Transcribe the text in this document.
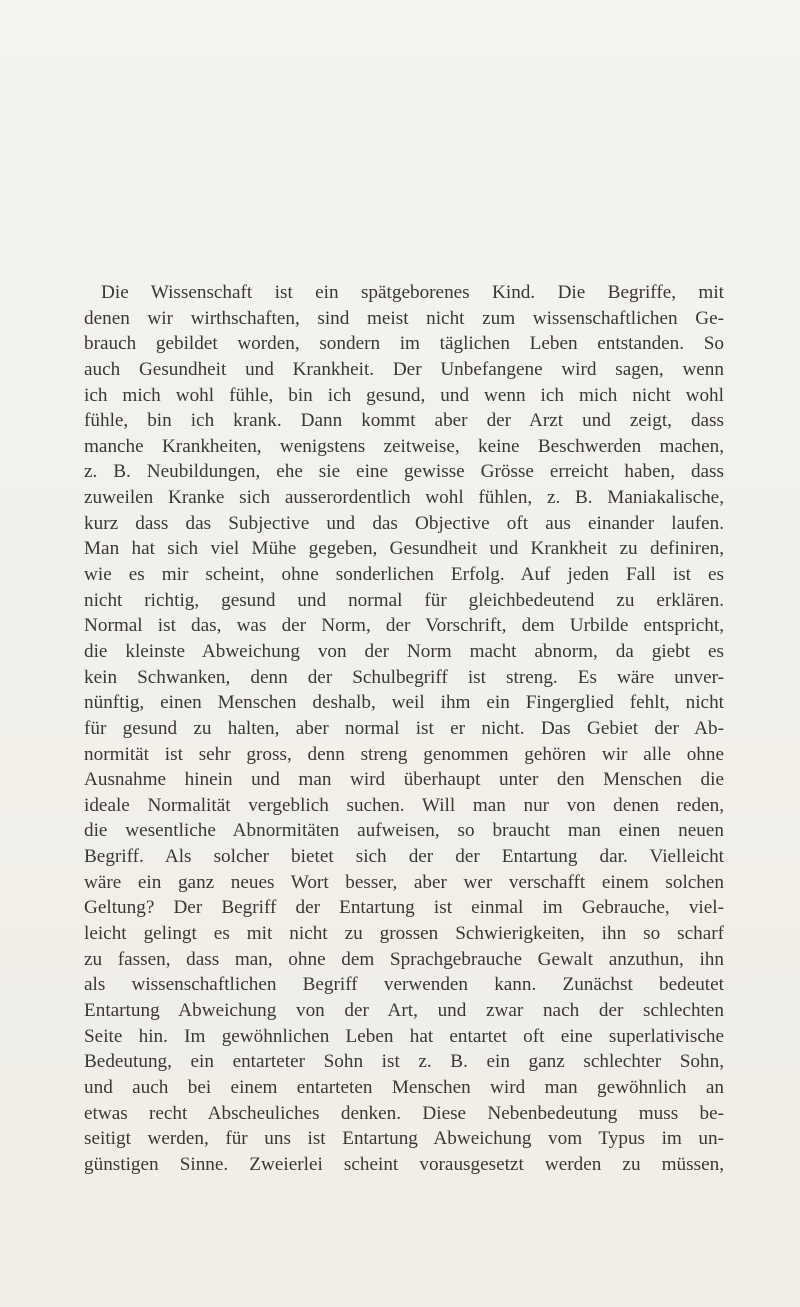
Die Wissenschaft ist ein spätgeborenes Kind. Die Begriffe, mit
denen wir wirthschaften, sind meist nicht zum wissenschaftlichen Ge-
brauch gebildet worden, sondern im täglichen Leben entstanden. So
auch Gesundheit und Krankheit. Der Unbefangene wird sagen, wenn
ich mich wohl fühle, bin ich gesund, und wenn ich mich nicht wohl
fühle, bin ich krank. Dann kommt aber der Arzt und zeigt, dass
manche Krankheiten, wenigstens zeitweise, keine Beschwerden machen,
z. B. Neubildungen, ehe sie eine gewisse Grösse erreicht haben, dass
zuweilen Kranke sich ausserordentlich wohl fühlen, z. B. Maniakalische,
kurz dass das Subjective und das Objective oft aus einander laufen.
Man hat sich viel Mühe gegeben, Gesundheit und Krankheit zu definiren,
wie es mir scheint, ohne sonderlichen Erfolg. Auf jeden Fall ist es
nicht richtig, gesund und normal für gleichbedeutend zu erklären.
Normal ist das, was der Norm, der Vorschrift, dem Urbilde entspricht,
die kleinste Abweichung von der Norm macht abnorm, da giebt es
kein Schwanken, denn der Schulbegriff ist streng. Es wäre unver-
nünftig, einen Menschen deshalb, weil ihm ein Fingerglied fehlt, nicht
für gesund zu halten, aber normal ist er nicht. Das Gebiet der Ab-
normität ist sehr gross, denn streng genommen gehören wir alle ohne
Ausnahme hinein und man wird überhaupt unter den Menschen die
ideale Normalität vergeblich suchen. Will man nur von denen reden,
die wesentliche Abnormitäten aufweisen, so braucht man einen neuen
Begriff. Als solcher bietet sich der der Entartung dar. Vielleicht
wäre ein ganz neues Wort besser, aber wer verschafft einem solchen
Geltung? Der Begriff der Entartung ist einmal im Gebrauche, viel-
leicht gelingt es mit nicht zu grossen Schwierigkeiten, ihn so scharf
zu fassen, dass man, ohne dem Sprachgebrauche Gewalt anzuthun, ihn
als wissenschaftlichen Begriff verwenden kann. Zunächst bedeutet
Entartung Abweichung von der Art, und zwar nach der schlechten
Seite hin. Im gewöhnlichen Leben hat entartet oft eine superlativische
Bedeutung, ein entarteter Sohn ist z. B. ein ganz schlechter Sohn,
und auch bei einem entarteten Menschen wird man gewöhnlich an
etwas recht Abscheuliches denken. Diese Nebenbedeutung muss be-
seitigt werden, für uns ist Entartung Abweichung vom Typus im un-
günstigen Sinne. Zweierlei scheint vorausgesetzt werden zu müssen,
